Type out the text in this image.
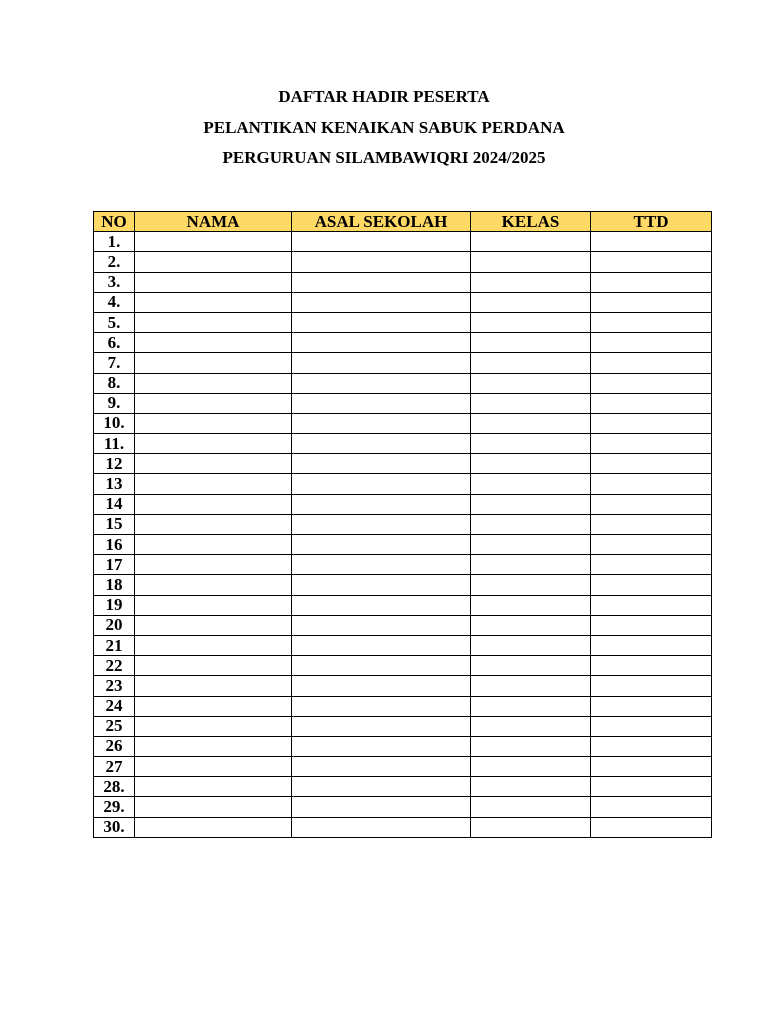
DAFTAR HADIR PESERTA
PELANTIKAN KENAIKAN SABUK PERDANA
PERGURUAN SILAMBAWIQRI 2024/2025
NO	NAMA	ASAL SEKOLAH	KELAS	TTD
1.				
2.				
3.				
4.				
5.				
6.				
7.				
8.				
9.				
10.				
11.				
12				
13				
14				
15				
16				
17				
18				
19				
20				
21				
22				
23				
24				
25				
26				
27				
28.				
29.				
30.				
